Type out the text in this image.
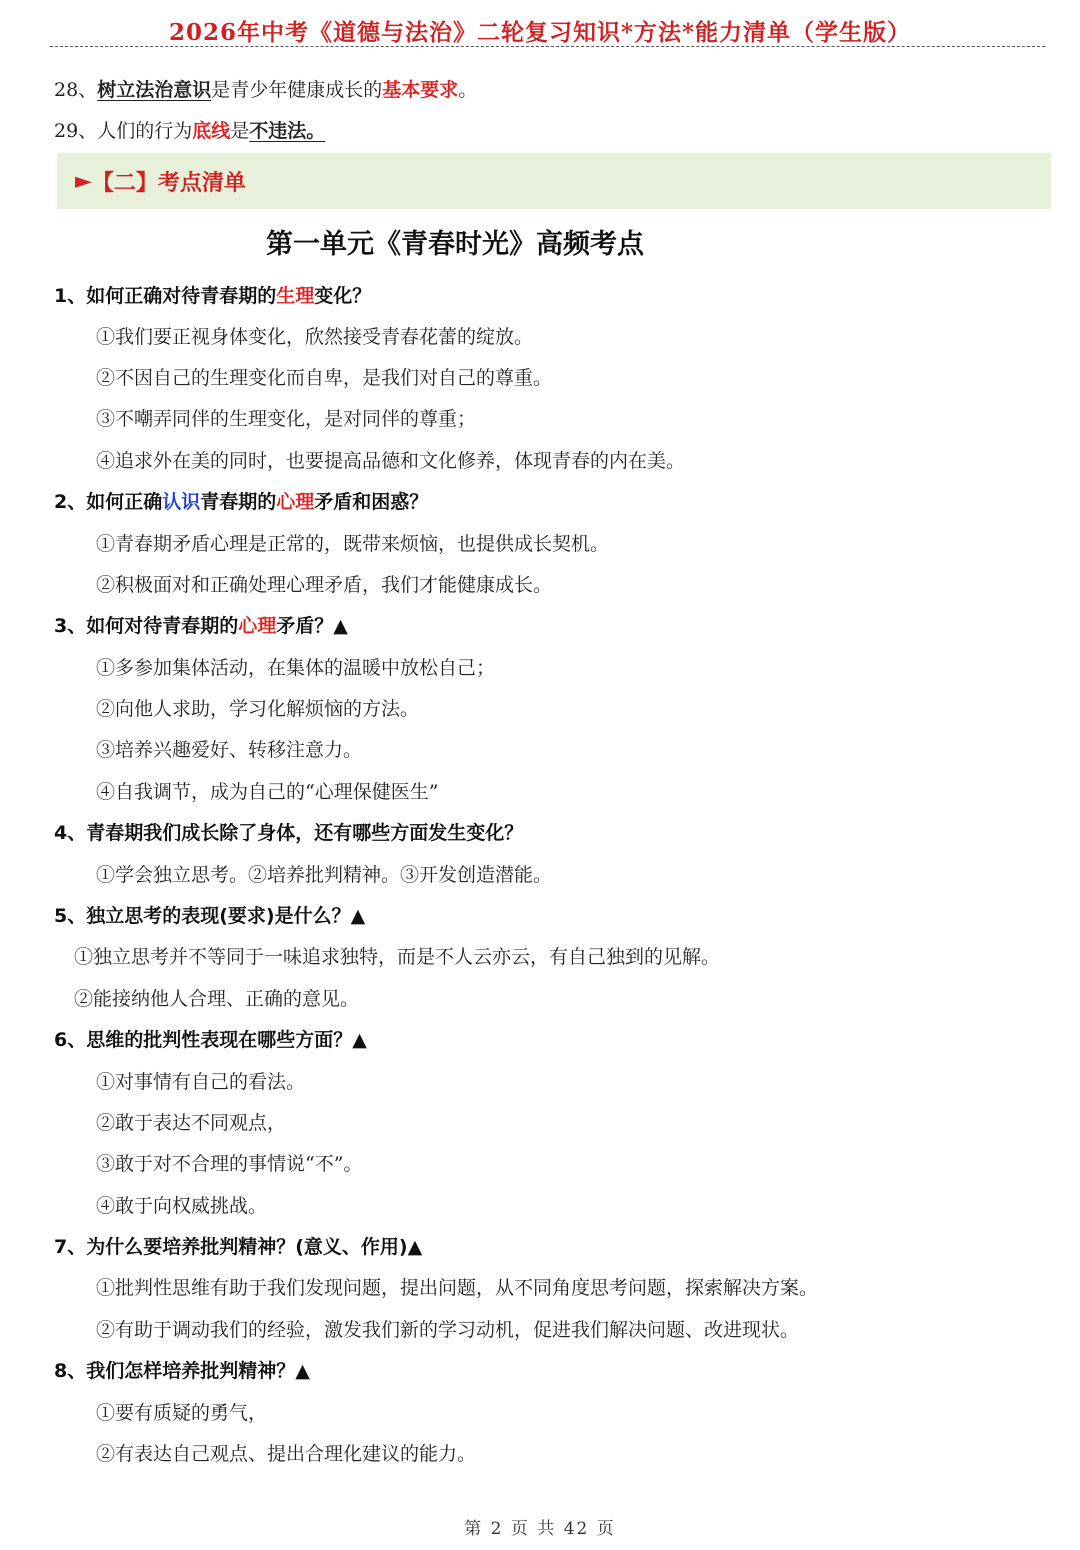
2026年中考《道德与法治》二轮复习知识*方法*能力清单（学生版）
28、树立法治意识是青少年健康成长的基本要求。
29、人们的行为底线是不违法。
► 【二】考点清单
第一单元《青春时光》高频考点
1、如何正确对待青春期的生理变化？
①我们要正视身体变化，欣然接受青春花蕾的绽放。
②不因自己的生理变化而自卑，是我们对自己的尊重。
③不嘲弄同伴的生理变化，是对同伴的尊重；
④追求外在美的同时，也要提高品德和文化修养，体现青春的内在美。
2、如何正确认识青春期的心理矛盾和困惑？
①青春期矛盾心理是正常的，既带来烦恼，也提供成长契机。
②积极面对和正确处理心理矛盾，我们才能健康成长。
3、如何对待青春期的心理矛盾？▲
①多参加集体活动，在集体的温暖中放松自己；
②向他人求助，学习化解烦恼的方法。
③培养兴趣爱好、转移注意力。
④自我调节，成为自己的“心理保健医生”
4、青春期我们成长除了身体，还有哪些方面发生变化？
①学会独立思考。②培养批判精神。③开发创造潜能。
5、独立思考的表现(要求)是什么？▲
①独立思考并不等同于一味追求独特，而是不人云亦云，有自己独到的见解。
②能接纳他人合理、正确的意见。
6、思维的批判性表现在哪些方面？▲
①对事情有自己的看法。
②敢于表达不同观点，
③敢于对不合理的事情说“不”。
④敢于向权威挑战。
7、为什么要培养批判精神？(意义、作用)▲
①批判性思维有助于我们发现问题，提出问题，从不同角度思考问题，探索解决方案。
②有助于调动我们的经验，激发我们新的学习动机，促进我们解决问题、改进现状。
8、我们怎样培养批判精神？▲
①要有质疑的勇气，
②有表达自己观点、提出合理化建议的能力。
第 2 页 共 42 页
